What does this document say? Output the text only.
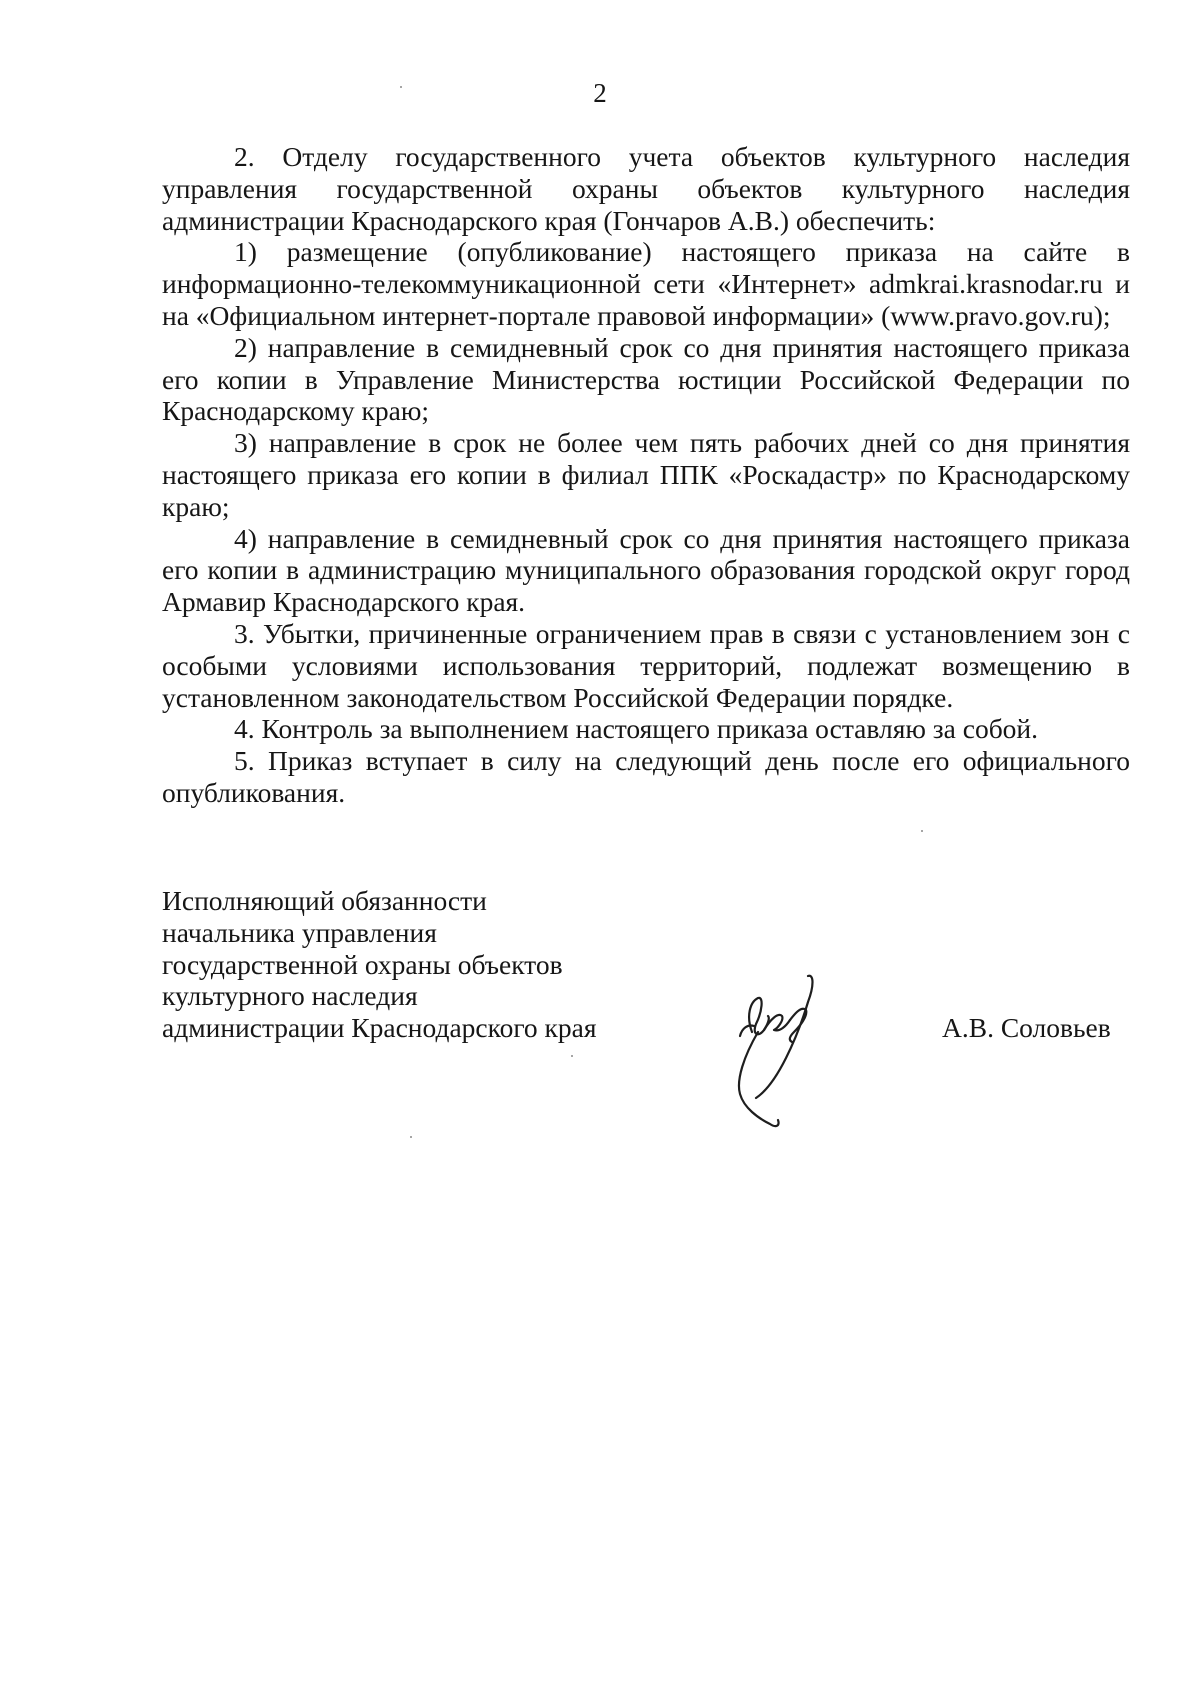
2

2. Отделу государственного учета объектов культурного наследия управления государственной охраны объектов культурного наследия администрации Краснодарского края (Гончаров А.В.) обеспечить:

1) размещение (опубликование) настоящего приказа на сайте в информационно-телекоммуникационной сети «Интернет» admkrai.krasnodar.ru и на «Официальном интернет-портале правовой информации» (www.pravo.gov.ru);

2) направление в семидневный срок со дня принятия настоящего приказа его копии в Управление Министерства юстиции Российской Федерации по Краснодарскому краю;

3) направление в срок не более чем пять рабочих дней со дня принятия настоящего приказа его копии в филиал ППК «Роскадастр» по Краснодарскому краю;

4) направление в семидневный срок со дня принятия настоящего приказа его копии в администрацию муниципального образования городской округ город Армавир Краснодарского края.

3. Убытки, причиненные ограничением прав в связи с установлением зон с особыми условиями использования территорий, подлежат возмещению в установленном законодательством Российской Федерации порядке.

4. Контроль за выполнением настоящего приказа оставляю за собой.

5. Приказ вступает в силу на следующий день после его официального опубликования.

Исполняющий обязанности
начальника управления
государственной охраны объектов
культурного наследия
администрации Краснодарского края	А.В. Соловьев
